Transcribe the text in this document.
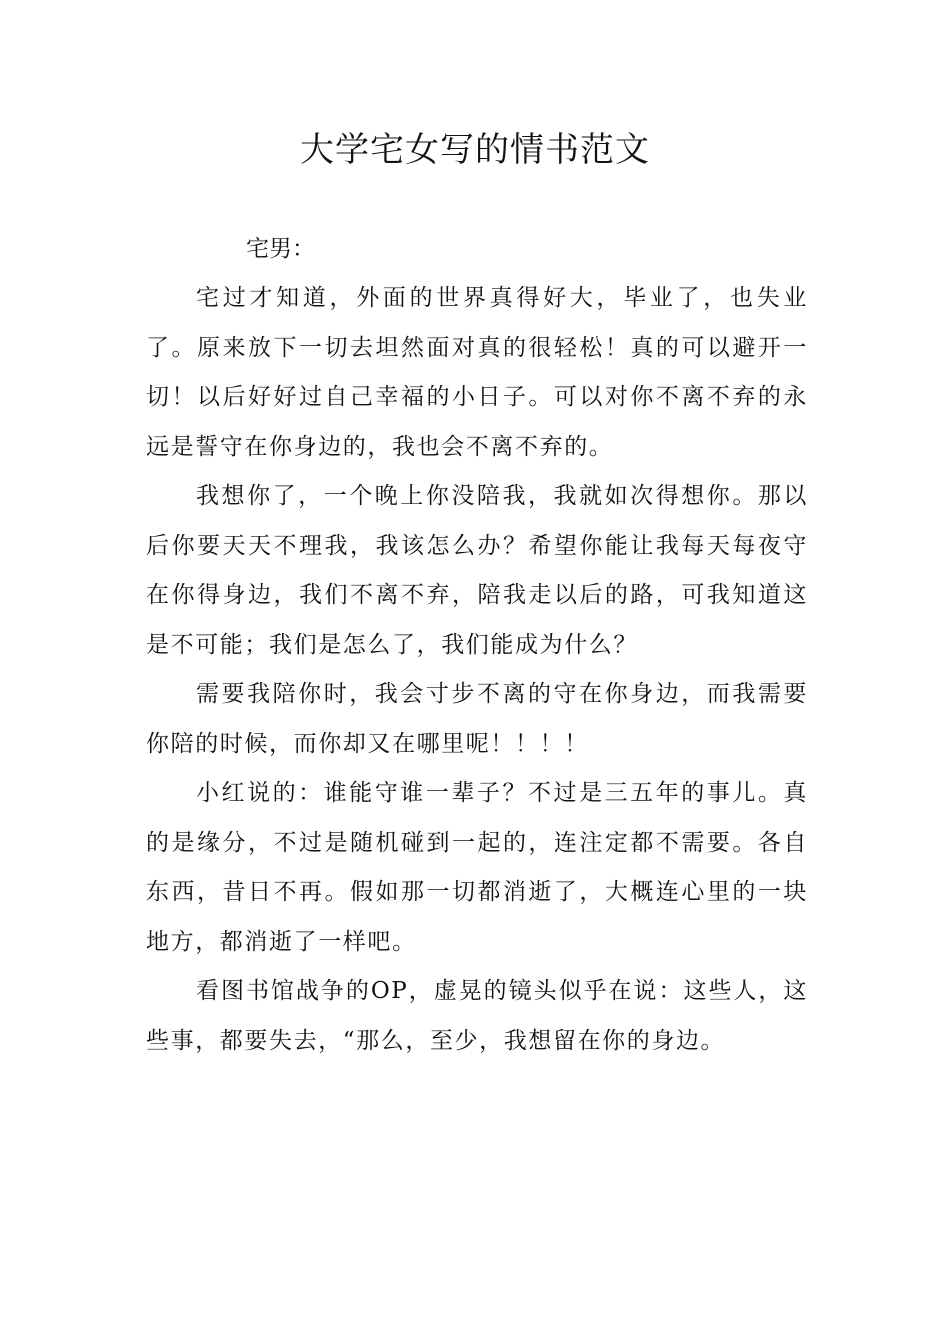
大学宅女写的情书范文

宅男：

宅过才知道，外面的世界真得好大，毕业了，也失业了。原来放下一切去坦然面对真的很轻松！真的可以避开一切！以后好好过自己幸福的小日子。可以对你不离不弃的永远是誓守在你身边的，我也会不离不弃的。

我想你了，一个晚上你没陪我，我就如次得想你。那以后你要天天不理我，我该怎么办？希望你能让我每天每夜守在你得身边，我们不离不弃，陪我走以后的路，可我知道这是不可能；我们是怎么了，我们能成为什么？

需要我陪你时，我会寸步不离的守在你身边，而我需要你陪的时候，而你却又在哪里呢！！！！

小红说的：谁能守谁一辈子？不过是三五年的事儿。真的是缘分，不过是随机碰到一起的，连注定都不需要。各自东西，昔日不再。假如那一切都消逝了，大概连心里的一块地方，都消逝了一样吧。

看图书馆战争的OP，虚晃的镜头似乎在说：这些人，这些事，都要失去，“那么，至少，我想留在你的身边。
